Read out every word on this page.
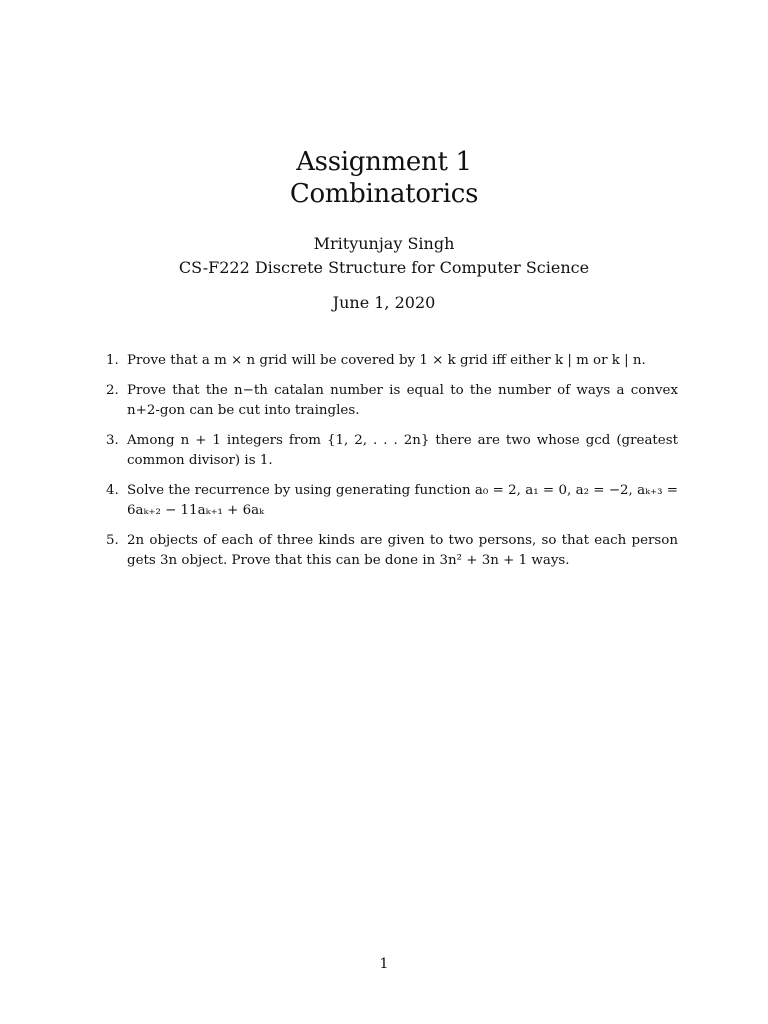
Assignment 1
Combinatorics
Mrityunjay Singh
CS-F222 Discrete Structure for Computer Science
June 1, 2020
1. Prove that a m × n grid will be covered by 1 × k grid iff either k | m or k | n.
2. Prove that the n−th catalan number is equal to the number of ways a convex n+2-gon can be cut into traingles.
3. Among n + 1 integers from {1, 2, . . . 2n} there are two whose gcd (greatest common divisor) is 1.
4. Solve the recurrence by using generating function a₀ = 2, a₁ = 0, a₂ = −2, aₖ₊₃ = 6aₖ₊₂ − 11aₖ₊₁ + 6aₖ
5. 2n objects of each of three kinds are given to two persons, so that each person gets 3n object. Prove that this can be done in 3n² + 3n + 1 ways.
1
